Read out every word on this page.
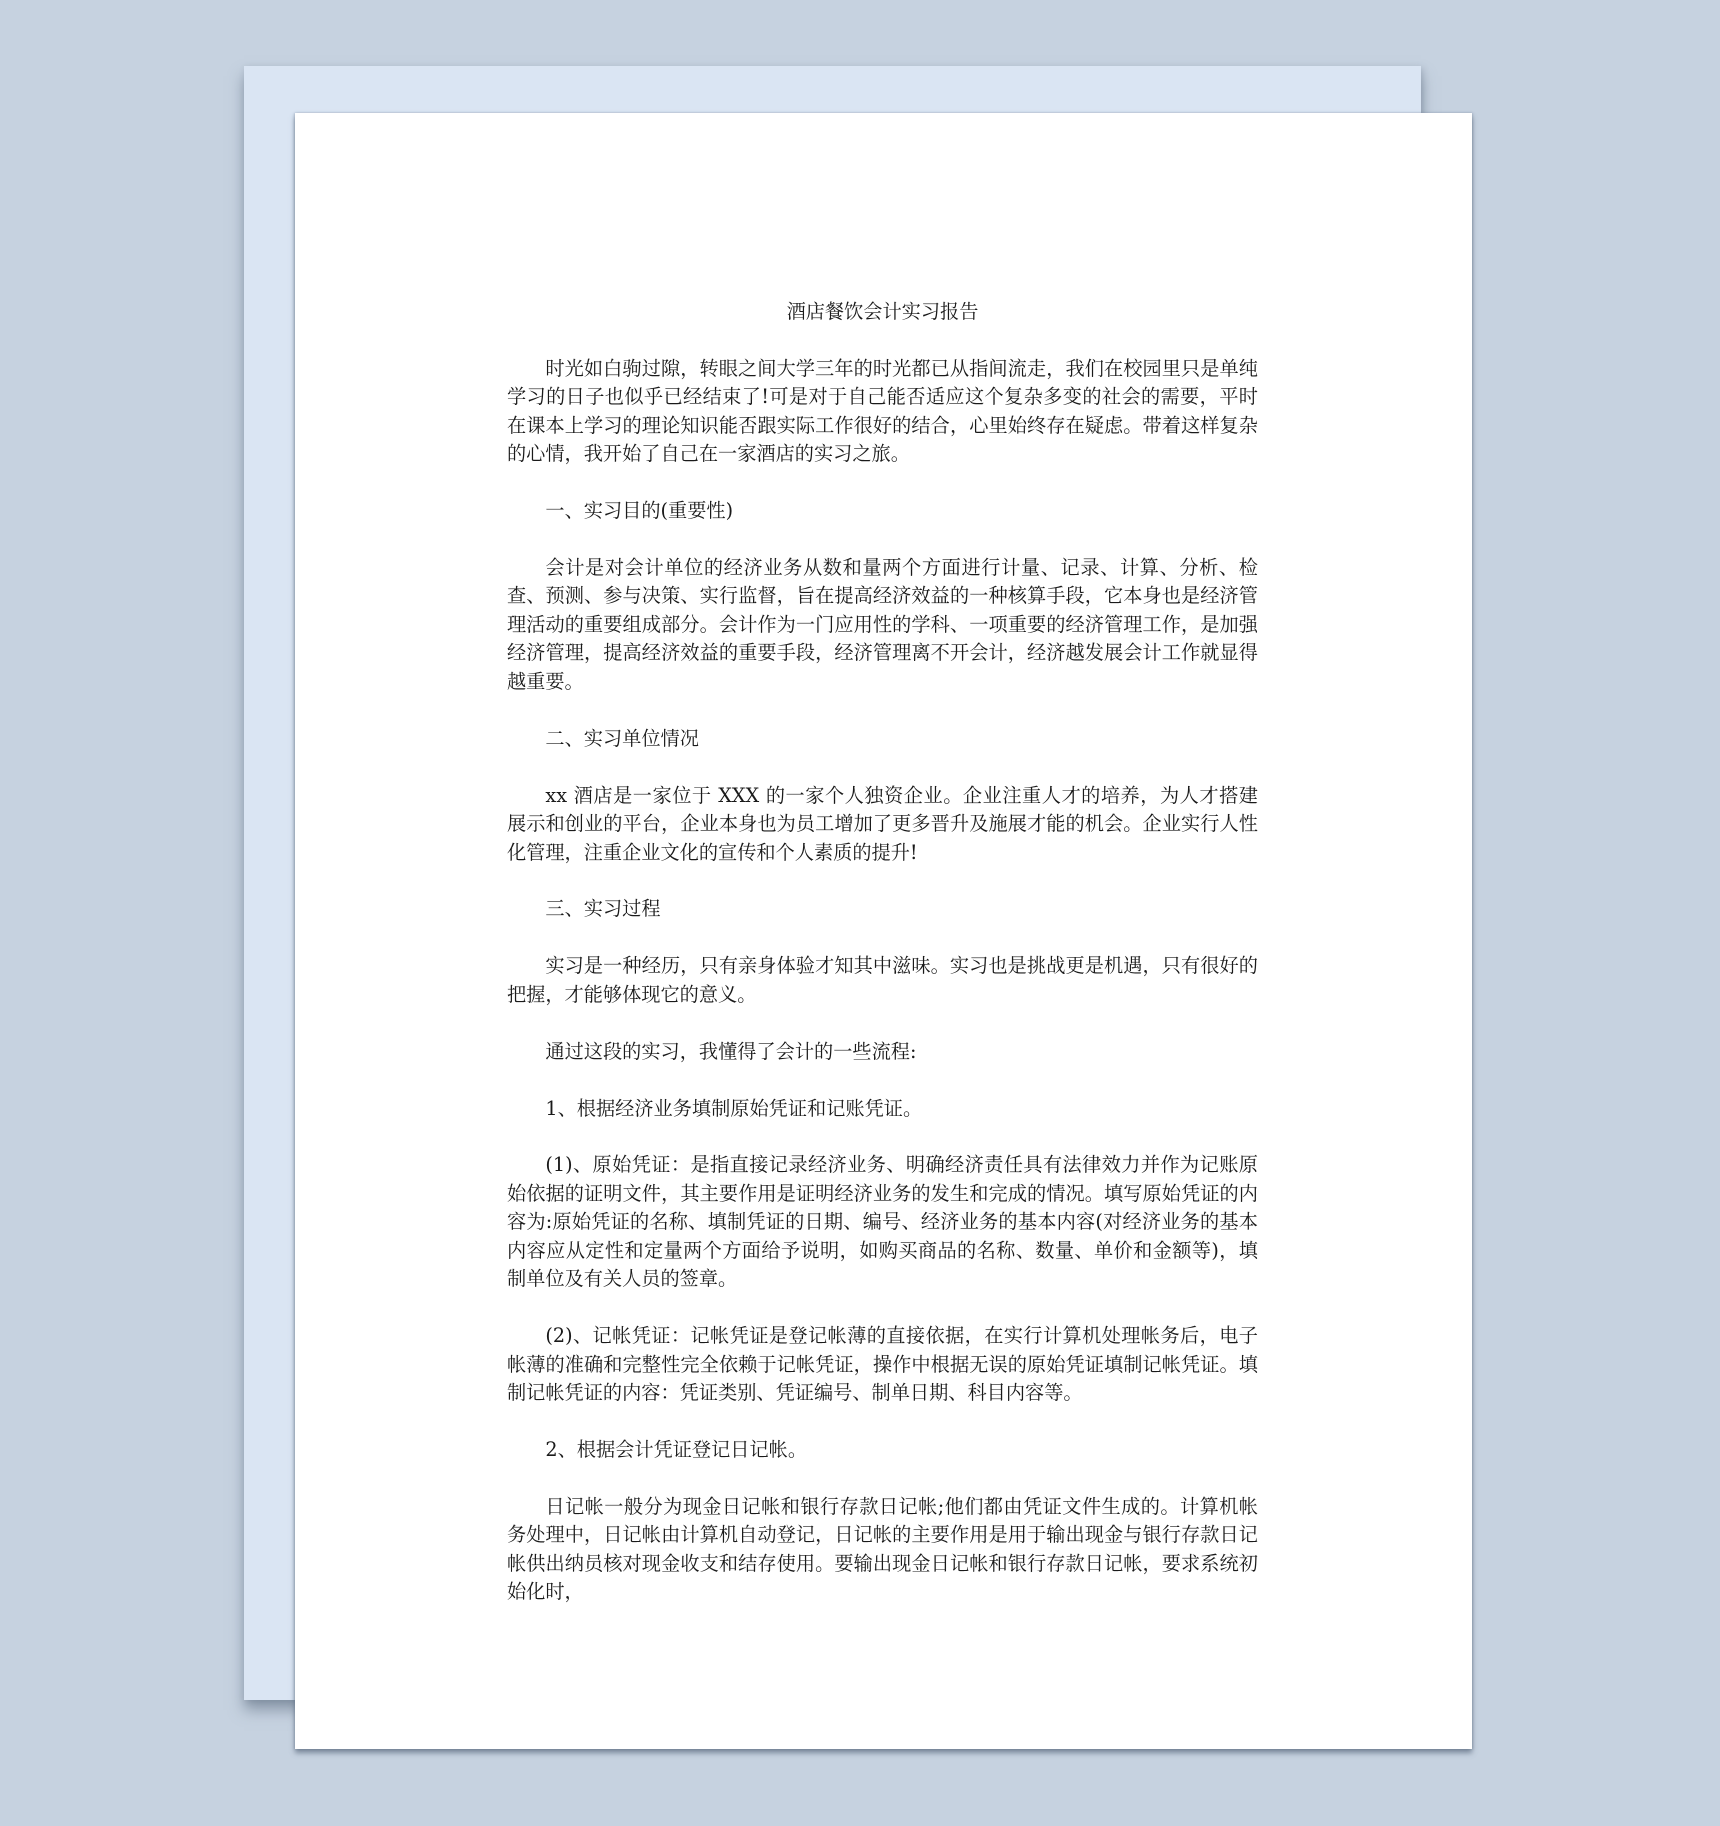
酒店餐饮会计实习报告

时光如白驹过隙，转眼之间大学三年的时光都已从指间流走，我们在校园里只是单纯学习的日子也似乎已经结束了!可是对于自己能否适应这个复杂多变的社会的需要，平时在课本上学习的理论知识能否跟实际工作很好的结合，心里始终存在疑虑。带着这样复杂的心情，我开始了自己在一家酒店的实习之旅。

一、实习目的(重要性)

会计是对会计单位的经济业务从数和量两个方面进行计量、记录、计算、分析、检查、预测、参与决策、实行监督，旨在提高经济效益的一种核算手段，它本身也是经济管理活动的重要组成部分。会计作为一门应用性的学科、一项重要的经济管理工作，是加强经济管理，提高经济效益的重要手段，经济管理离不开会计，经济越发展会计工作就显得越重要。

二、实习单位情况

xx 酒店是一家位于 XXX 的一家个人独资企业。企业注重人才的培养，为人才搭建展示和创业的平台，企业本身也为员工增加了更多晋升及施展才能的机会。企业实行人性化管理，注重企业文化的宣传和个人素质的提升!

三、实习过程

实习是一种经历，只有亲身体验才知其中滋味。实习也是挑战更是机遇，只有很好的把握，才能够体现它的意义。

通过这段的实习，我懂得了会计的一些流程:

1、根据经济业务填制原始凭证和记账凭证。

(1)、原始凭证：是指直接记录经济业务、明确经济责任具有法律效力并作为记账原始依据的证明文件，其主要作用是证明经济业务的发生和完成的情况。填写原始凭证的内容为:原始凭证的名称、填制凭证的日期、编号、经济业务的基本内容(对经济业务的基本内容应从定性和定量两个方面给予说明，如购买商品的名称、数量、单价和金额等)，填制单位及有关人员的签章。

(2)、记帐凭证：记帐凭证是登记帐薄的直接依据，在实行计算机处理帐务后，电子帐薄的准确和完整性完全依赖于记帐凭证，操作中根据无误的原始凭证填制记帐凭证。填制记帐凭证的内容：凭证类别、凭证编号、制单日期、科目内容等。

2、根据会计凭证登记日记帐。

日记帐一般分为现金日记帐和银行存款日记帐;他们都由凭证文件生成的。计算机帐务处理中，日记帐由计算机自动登记，日记帐的主要作用是用于输出现金与银行存款日记帐供出纳员核对现金收支和结存使用。要输出现金日记帐和银行存款日记帐，要求系统初始化时，
